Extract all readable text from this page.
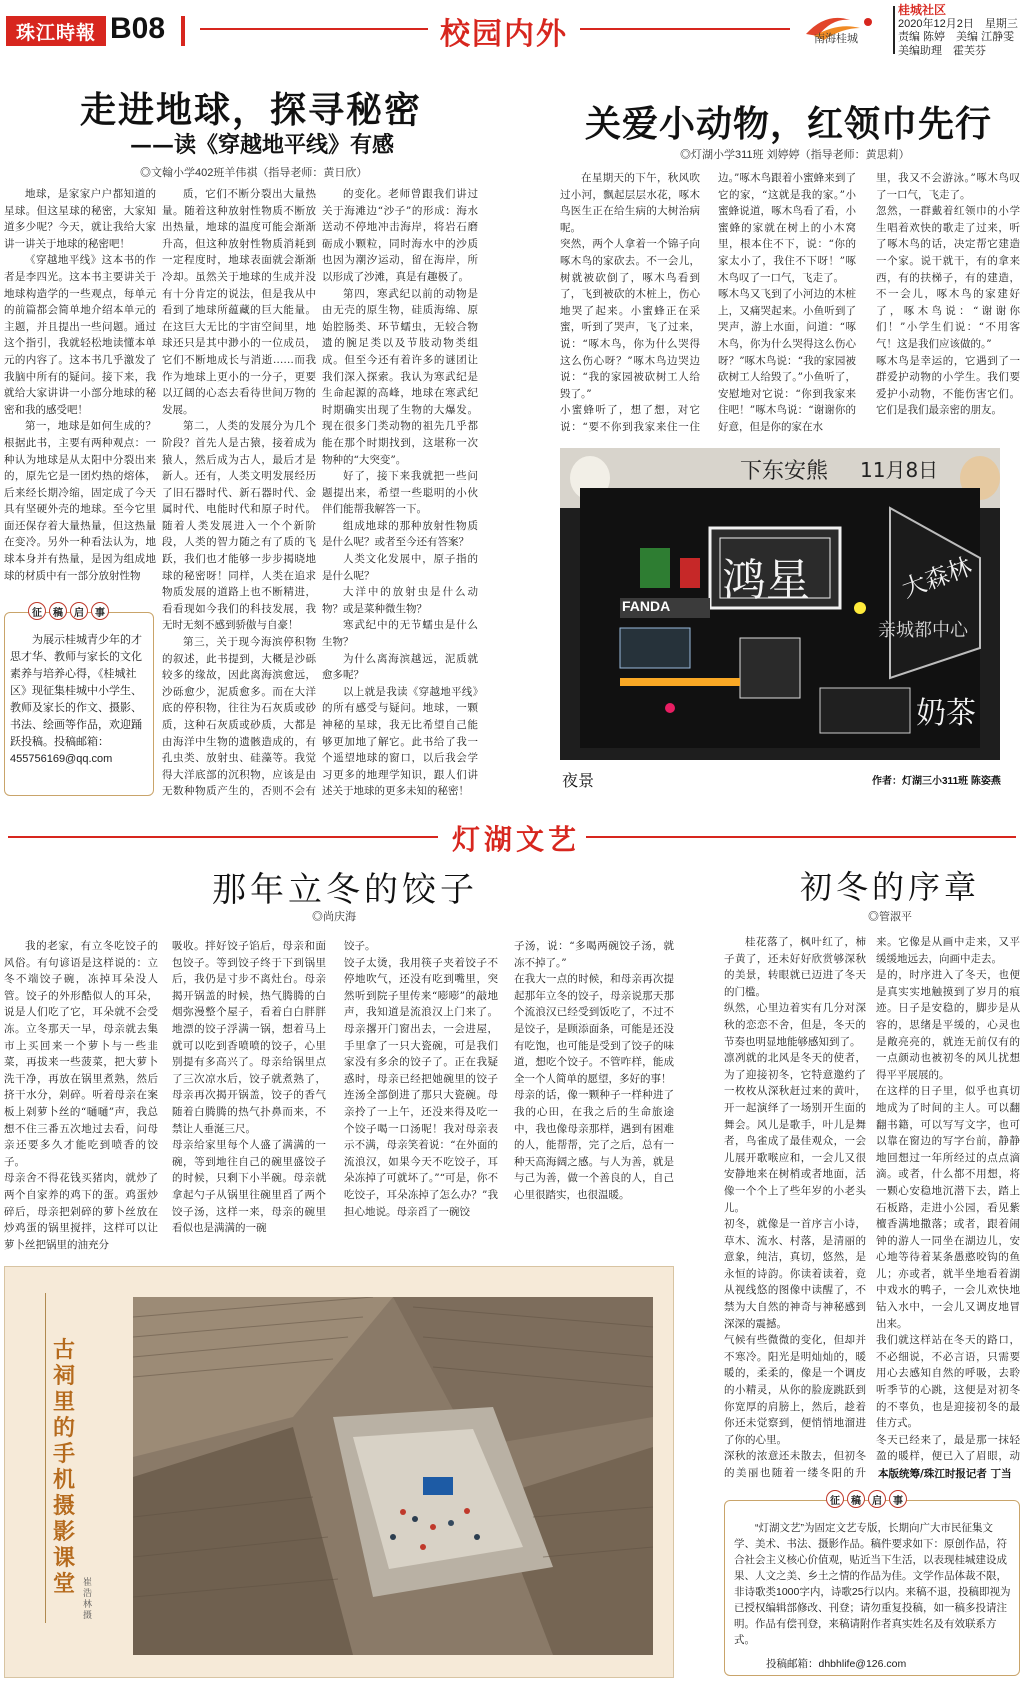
珠江時報 B08	校园内外	南海桂城
桂城社区
2020年12月2日　星期三
责编 陈婷　美编 江静雯
美编助理　霍芙芬
走进地球，探寻秘密
——读《穿越地平线》有感
◎文翰小学402班羊伟祺（指导老师：黄日欣）

地球，是家家户户都知道的星球。但这星球的秘密，大家知道多少呢？今天，就让我给大家讲一讲关于地球的秘密吧！

《穿越地平线》这本书的作者是李四光。这本书主要讲关于地球构造学的一些观点，每单元的前篇都会简单地介绍本单元的主题，并且提出一些问题。通过这个指引，我就轻松地读懂本单元的内容了。这本书几乎激发了我脑中所有的疑问。接下来，我就给大家讲讲一小部分地球的秘密和我的感受吧！

第一，地球是如何生成的？根据此书，主要有两种观点：一种认为地球是从太阳中分裂出来的，原先它是一团灼热的熔体，后来经长期冷缩，固定成了今天具有坚硬外壳的地球。至今它里面还保存着大量热量，但这热量在变冷。另外一种看法认为，地球本身并有热量，是因为组成地球的材质中有一部分放射性物

质，它们不断分裂出大量热量。随着这种放射性物质不断放出热量，地球的温度可能会渐渐升高，但这种放射性物质消耗到一定程度时，地球表面就会渐渐冷却。虽然关于地球的生成并没有十分肯定的说法，但是我从中看到了地球所蕴藏的巨大能量。在这巨大无比的宇宙空间里，地球还只是其中渺小的一位成员，它们不断地成长与消逝……而我作为地球上更小的一分子，更要以辽阔的心态去看待世间万物的发展。

第二，人类的发展分为几个阶段？首先人是古猿，接着成为猿人，然后成为古人，最后才是新人。还有，人类文明发展经历了旧石器时代、新石器时代、金属时代、电能时代和原子时代。随着人类发展进入一个个新阶段，人类的智力随之有了质的飞跃，我们也才能够一步步揭晓地球的秘密呀！同样，人类在追求物质发展的道路上也不断精进，看看现如今我们的科技发展，我无时无刻不感到骄傲与自豪！

第三，关于现今海滨停积物的叙述，此书提到，大概是沙砾较多的缘故，因此离海滨愈远，沙砾愈少，泥质愈多。而在大洋底的停积物，往往为石灰质或砂质，这种石灰质或砂质，大都是由海洋中生物的遗骸造成的，有孔虫类、放射虫、硅藻等。我觉得大洋底部的沉积物，应该是由无数种物质产生的，否则不会有

的变化。老师曾跟我们讲过关于海滩边“沙子”的形成：海水送动不停地冲击海岸，将岩石磨砺成小颗粒，同时海水中的沙质也因为潮汐运动，留在海岸，所以形成了沙滩，真是有趣极了。

第四，寒武纪以前的动物是由无壳的原生物，硅质海绵、原始腔肠类、环节蠕虫，无较合物遗的腕足类以及节肢动物类组成。但至今还有着许多的谜团让我们深入探索。我认为寒武纪是生命起源的高峰，地球在寒武纪时期确实出现了生物的大爆发。现在很多门类动物的祖先几乎都能在那个时期找到，这堪称一次物种的“大突变”。

好了，接下来我就把一些问题提出来，希望一些聪明的小伙伴们能帮我解答一下。

组成地球的那种放射性物质是什么呢？或者至今还有答案？

人类文化发展中，原子指的是什么呢？

大洋中的放射虫是什么动物？或是菜种微生物？

寒武纪中的无节蠕虫是什么生物？

为什么离海滨越远，泥质就愈多呢？

以上就是我读《穿越地平线》的所有感受与疑问。地球，一颗神秘的星球，我无比希望自己能够更加地了解它。此书给了我一个遥望地球的窗口，以后我会学习更多的地理学知识，跟人们讲述关于地球的更多未知的秘密！

征	稿	启	事
为展示桂城青少年的才思才华、教师与家长的文化素养与培养心得，《桂城社区》现征集桂城中小学生、教师及家长的作文、摄影、书法、绘画等作品，欢迎踊跃投稿。投稿邮箱：455756169@qq.com
关爱小动物，红领巾先行
◎灯湖小学311班 刘婷婷（指导老师：黄思莉）
在星期天的下午，秋风吹过小河，飘起层层水花，啄木鸟医生正在给生病的大树治病呢。
突然，两个人拿着一个锦子向啄木鸟的家砍去。不一会儿，树就被砍倒了，啄木鸟看到了，飞到被砍的木桩上，伤心地哭了起来。小蜜蜂正在采蜜，听到了哭声，飞了过来，说：“啄木鸟，你为什么哭得这么伤心呀？”啄木鸟边哭边说：“我的家园被砍树工人给毁了。”
小蜜蜂听了，想了想，对它说：“要不你到我家来住一住
边。”啄木鸟跟着小蜜蜂来到了它的家，“这就是我的家。”小蜜蜂说道，啄木鸟看了看，小蜜蜂的家就在树上的小木窝里，根本住不下，说：“你的家太小了，我住不下呀！”啄木鸟叹了一口气，飞走了。
啄木鸟又飞到了小河边的木桩上，又痛哭起来。小鱼听到了哭声，游上水面，问道：“啄木鸟，你为什么哭得这么伤心呀？”啄木鸟说：“我的家园被砍树工人给毁了。”小鱼听了，安慰地对它说：“你到我家来住吧！”啄木鸟说：“谢谢你的好意，但是你的家在水
里，我又不会游泳。”啄木鸟叹了一口气，飞走了。
忽然，一群戴着红领巾的小学生唱着欢快的歌走了过来，听了啄木鸟的话，决定帮它建造一个家。说干就干，有的拿来西，有的扶梯子，有的建造，不一会儿，啄木鸟的家建好了，啄木鸟说：“谢谢你们！”小学生们说：“不用客气！这是我们应该做的。”
啄木鸟是幸运的，它遇到了一群爱护动物的小学生。我们要爱护小动物，不能伤害它们。它们是我们最亲密的朋友。
下东安熊 11月8日
鸿星	大森林
FANDA
亲城都中心
奶茶
夜景	作者：灯湖三小311班 陈姿燕
灯湖文艺
那年立冬的饺子
◎尚庆海
我的老家，有立冬吃饺子的风俗。有句谚语是这样说的：立冬不端饺子碗，冻掉耳朵没人管。饺子的外形酷似人的耳朵，说是人们吃了它，耳朵就不会受冻。立冬那天一早，母亲就去集市上买回来一个萝卜与一些韭菜，再拔来一些菠菜，把大萝卜洗干净，再放在锅里煮熟，然后挤干水分，剁碎。听着母亲在案板上剁萝卜丝的“嗵嗵”声，我总想不住三番五次地过去看，问母亲还要多久才能吃到喷香的饺子。
母亲舍不得花钱买猪肉，就炒了两个自家养的鸡下的蛋。鸡蛋炒碎后，母亲把剁碎的萝卜丝放在炒鸡蛋的锅里搅拌，这样可以让萝卜丝把锅里的油充分
吸收。拌好饺子馅后，母亲和面包饺子。等到饺子终于下到锅里后，我仍是寸步不离灶台。母亲揭开锅盖的时候，热气腾腾的白烟弥漫整个屋子，看着白白胖胖地漂的饺子浮满一锅，想着马上就可以吃到香喷喷的饺子，心里别提有多高兴了。母亲给锅里点了三次凉水后，饺子就煮熟了，母亲再次揭开锅盖，饺子的香气随着白腾腾的热气扑鼻而来，不禁让人垂涎三尺。
母亲给家里每个人盛了满满的一碗，等到地往自己的碗里盛饺子的时候，只剩下小半碗。母亲就拿起勺子从锅里往碗里舀了两个饺子汤，这样一来，母亲的碗里看似也是满满的一碗
饺子。
饺子太烫，我用筷子夹着饺子不停地吹气，还没有吃到嘴里，突然听到院子里传来“嘭嘭”的敲地声，我知道是流浪汉上门来了。母亲撂开门窗出去，一会进屋，手里拿了一只大瓷碗，可是我们家没有多余的饺子了。正在我疑惑时，母亲已经把她碗里的饺子连汤全部倒进了那只大瓷碗。母亲拎了一上午，还没来得及吃一个饺子喝一口汤呢！我对母亲表示不满，母亲笑着说：“在外面的流浪汉，如果今天不吃饺子，耳朵冻掉了可就坏了。”“可是，你不吃饺子，耳朵冻掉了怎么办？”我担心地说。母亲舀了一碗饺
子汤，说：“多喝两碗饺子汤，就冻不掉了。”
在我大一点的时候，和母亲再次提起那年立冬的饺子，母亲说那天那个流浪汉已经受到饭吃了，不过不是饺子，是顾添面条，可能是还没有吃饱，也可能是受到了饺子的味道，想吃个饺子。不管咋样，能成全一个人简单的愿望，多好的事！
母亲的话，像一颗种子一样种进了我的心田，在我之后的生命旅途中，我也像母亲那样，遇到有困难的人，能帮帮，完了之后，总有一种天高海阔之感。与人为善，就是与己为善，做一个善良的人，自己心里很踏实，也很温暖。
古祠里的手机摄影课堂 崔浩林　摄
初冬的序章
◎管淑平
桂花落了，枫叶红了，柿子黄了，还未好好欣赏够深秋的美景，转眼就已迈进了冬天的门槛。
纵然，心里边着实有几分对深秋的恋恋不舍，但是，冬天的节奏也明显地能够感知到了。
凛冽就的北风是冬天的使者，为了迎接初冬，它特意邀约了一枚枚从深秋赶过来的黄叶，开一起演绎了一场别开生面的舞会。风儿是歌手，叶儿是舞者，鸟雀成了最佳观众，一会儿展开歌喉应和，一会儿又很安静地来在树梢或者地面，活像一个个上了些年岁的小老头儿。
初冬，就像是一首序言小诗，草木、流水、村落，是清丽的意象，纯洁，真切，悠然，是永恒的诗韵。你读着读着，竟从视线悠的图像中读醒了，不禁为大自然的神奇与神秘感到深深的震撼。
气候有些微微的变化，但却并不寒冷。阳光是明灿灿的，暖暖的，柔柔的，像是一个调皮的小精灵，从你的脸庞跳跃到你宽厚的肩膀上，然后，趁着你还未觉察到，便悄悄地溜进了你的心里。
深秋的浓意还未散去，但初冬的美丽也随着一缕冬阳的升
来。它像是从画中走来，又平缓缓地远去，向画中走去。
是的，时序进入了冬天，也便是真实实地触摸到了岁月的痕迹。日子是安稳的，脚步是从容的，思绪是平缓的，心灵也是敞亮亮的，就连无前仅有的一点颜动也被初冬的风儿扰想得平平展展的。
在这样的日子里，似乎也真切地成为了时间的主人。可以翻翻书籍，可以写写文字，也可以靠在窗边的写字台前，静静地回想过一年所经过的点点滴滴。或者，什么都不用想，将一颗心安稳地沉潜下去，踏上石板路，走进小公园，看见紫檀香满地撒落；或者，跟着闹钟的游人一同坐在湖边儿，安心地等待着某条愚憨咬钩的鱼儿；亦或者，就半坐地看着湖中戏水的鸭子，一会儿欢快地钻入水中，一会儿又调皮地冒出来。
我们就这样站在冬天的路口，不必细说，不必言语，只需要用心去感知自然的呼吸，去聆听季节的心跳，这便是对初冬的不辜负，也是迎接初冬的最佳方式。
冬天已经来了，最是那一抹轻盈的暖样，便已入了眉眼，动
本版统筹/珠江时报记者 丁当
征	稿	启	事
“灯湖文艺”为固定文艺专版，长期向广大市民征集文学、美术、书法、摄影作品。稿件要求如下：原创作品，符合社会主义核心价值观，贴近当下生活，以表现桂城建设成果、人文之美、乡土之情的作品为佳。文学作品体裁不限，非诗歌类1000字内，诗歌25行以内。来稿不退，投稿即视为已授权编辑部修改、刊登；请勿重复投稿，如一稿多投请注明。作品有偿刊登，来稿请附作者真实姓名及有效联系方式。
投稿邮箱：dhbhlife@126.com
